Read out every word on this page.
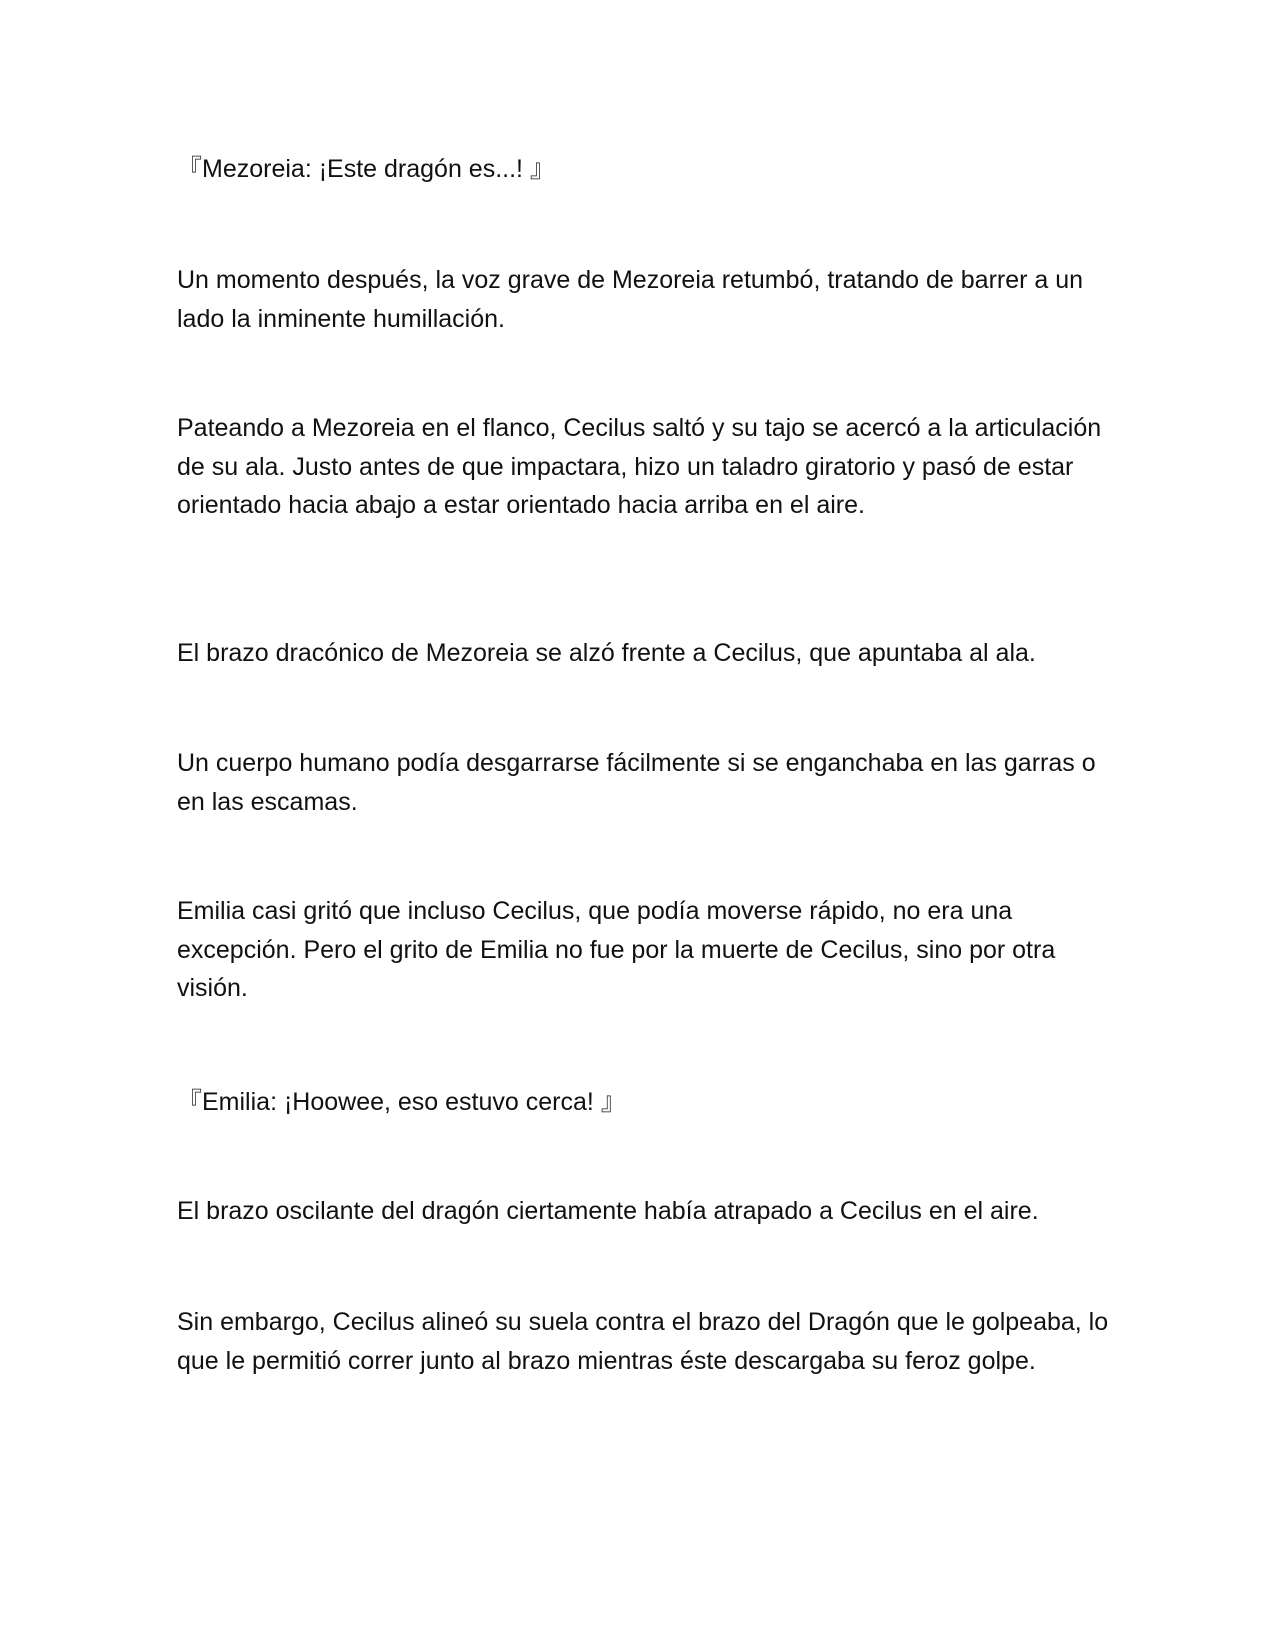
『Mezoreia: ¡Este dragón es...! 』

Un momento después, la voz grave de Mezoreia retumbó, tratando de barrer a un lado la inminente humillación.

Pateando a Mezoreia en el flanco, Cecilus saltó y su tajo se acercó a la articulación de su ala. Justo antes de que impactara, hizo un taladro giratorio y pasó de estar orientado hacia abajo a estar orientado hacia arriba en el aire.

El brazo dracónico de Mezoreia se alzó frente a Cecilus, que apuntaba al ala.

Un cuerpo humano podía desgarrarse fácilmente si se enganchaba en las garras o en las escamas.

Emilia casi gritó que incluso Cecilus, que podía moverse rápido, no era una excepción. Pero el grito de Emilia no fue por la muerte de Cecilus, sino por otra visión.

『Emilia: ¡Hoowee, eso estuvo cerca! 』

El brazo oscilante del dragón ciertamente había atrapado a Cecilus en el aire.

Sin embargo, Cecilus alineó su suela contra el brazo del Dragón que le golpeaba, lo que le permitió correr junto al brazo mientras éste descargaba su feroz golpe.
